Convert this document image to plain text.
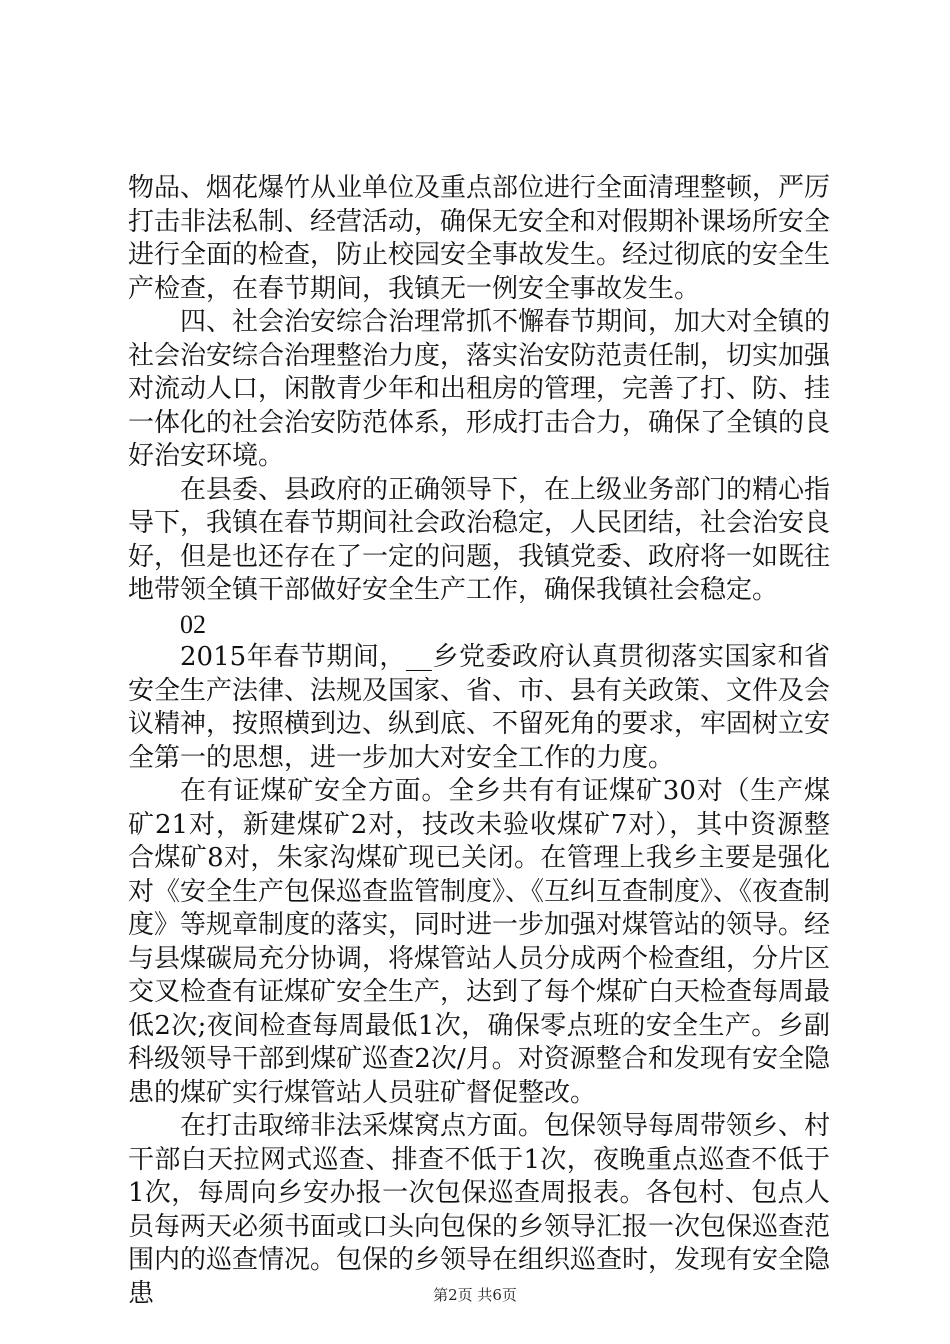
物品、烟花爆竹从业单位及重点部位进行全面清理整顿，严厉打击非法私制、经营活动，确保无安全和对假期补课场所安全进行全面的检查，防止校园安全事故发生。经过彻底的安全生产检查，在春节期间，我镇无一例安全事故发生。

四、社会治安综合治理常抓不懈春节期间，加大对全镇的社会治安综合治理整治力度，落实治安防范责任制，切实加强对流动人口，闲散青少年和出租房的管理，完善了打、防、挂一体化的社会治安防范体系，形成打击合力，确保了全镇的良好治安环境。

在县委、县政府的正确领导下，在上级业务部门的精心指导下，我镇在春节期间社会政治稳定，人民团结，社会治安良好，但是也还存在了一定的问题，我镇党委、政府将一如既往地带领全镇干部做好安全生产工作，确保我镇社会稳定。

02

2015年春节期间，__乡党委政府认真贯彻落实国家和省安全生产法律、法规及国家、省、市、县有关政策、文件及会议精神，按照横到边、纵到底、不留死角的要求，牢固树立安全第一的思想，进一步加大对安全工作的力度。

在有证煤矿安全方面。全乡共有有证煤矿30对（生产煤矿21对，新建煤矿2对，技改未验收煤矿7对），其中资源整合煤矿8对，朱家沟煤矿现已关闭。在管理上我乡主要是强化对《安全生产包保巡查监管制度》、《互纠互查制度》、《夜查制度》等规章制度的落实，同时进一步加强对煤管站的领导。经与县煤碳局充分协调，将煤管站人员分成两个检查组，分片区交叉检查有证煤矿安全生产，达到了每个煤矿白天检查每周最低2次;夜间检查每周最低1次，确保零点班的安全生产。乡副科级领导干部到煤矿巡查2次/月。对资源整合和发现有安全隐患的煤矿实行煤管站人员驻矿督促整改。

在打击取缔非法采煤窝点方面。包保领导每周带领乡、村干部白天拉网式巡查、排查不低于1次，夜晚重点巡查不低于1次，每周向乡安办报一次包保巡查周报表。各包村、包点人员每两天必须书面或口头向包保的乡领导汇报一次包保巡查范围内的巡查情况。包保的乡领导在组织巡查时，发现有安全隐患	第2页 共6页
